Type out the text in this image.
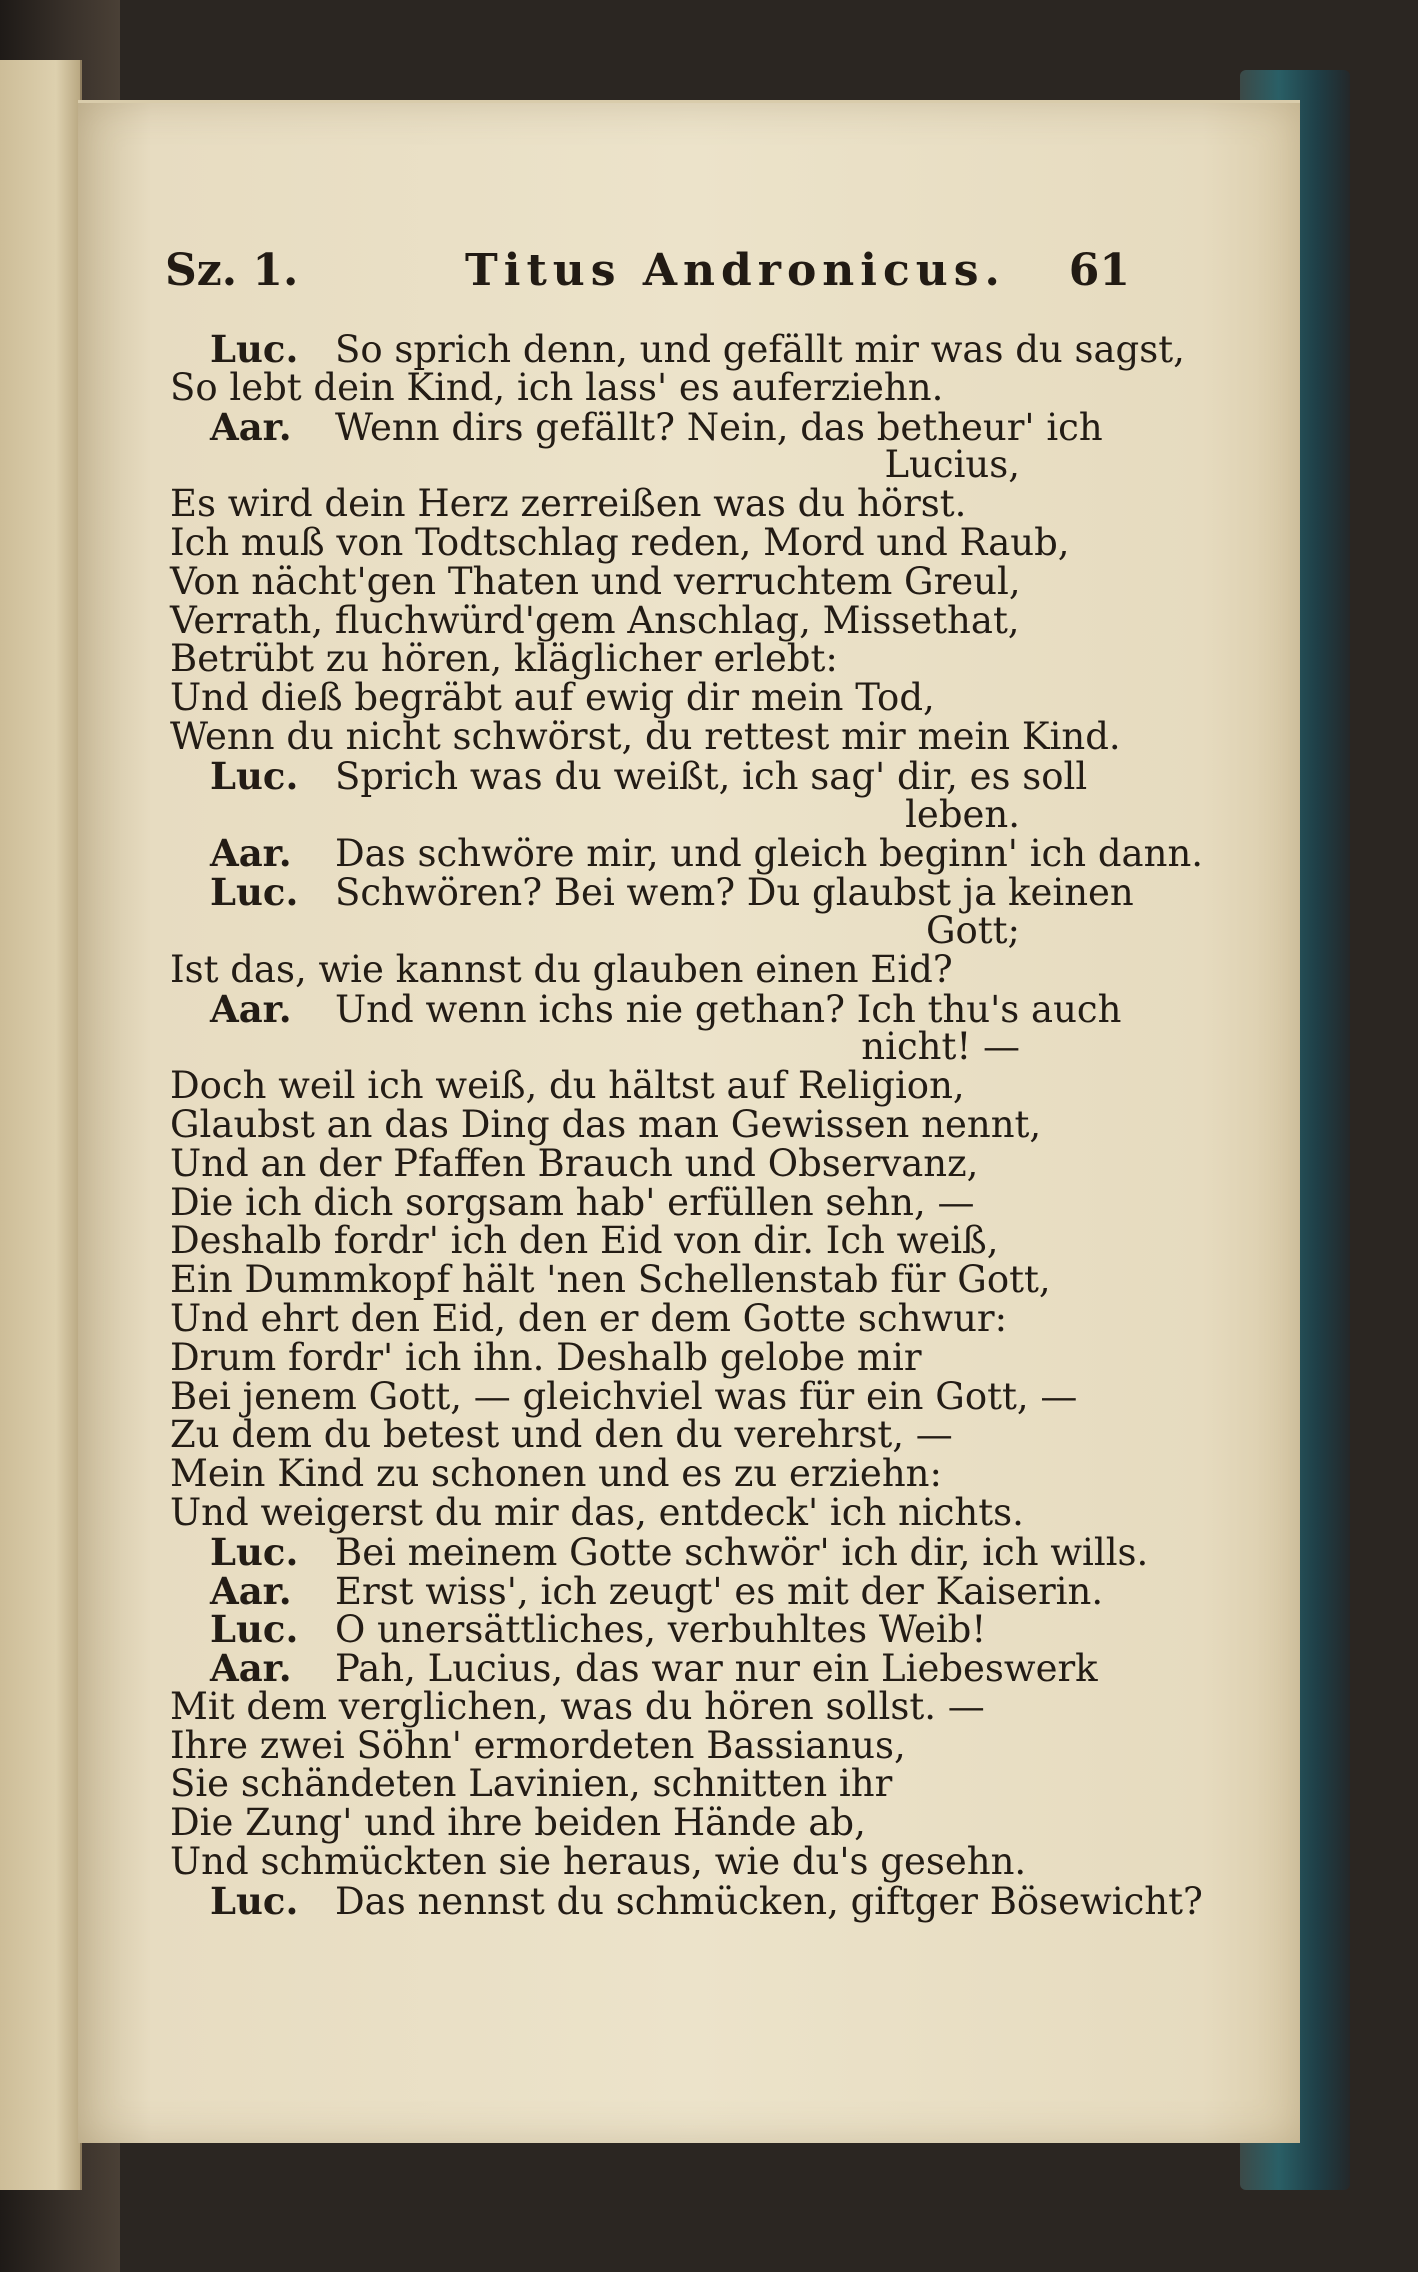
Sz. 1.	Titus Andronicus. 61
Luc. So sprich denn, und gefällt mir was du sagst,
So lebt dein Kind, ich lass' es auferziehn.
Aar. Wenn dirs gefällt? Nein, das betheur' ich
Lucius,
Es wird dein Herz zerreißen was du hörst.
Ich muß von Todtschlag reden, Mord und Raub,
Von nächt'gen Thaten und verruchtem Greul,
Verrath, fluchwürd'gem Anschlag, Missethat,
Betrübt zu hören, kläglicher erlebt:
Und dieß begräbt auf ewig dir mein Tod,
Wenn du nicht schwörst, du rettest mir mein Kind.
Luc. Sprich was du weißt, ich sag' dir, es soll
leben.
Aar. Das schwöre mir, und gleich beginn' ich dann.
Luc. Schwören? Bei wem? Du glaubst ja keinen
Gott;
Ist das, wie kannst du glauben einen Eid?
Aar. Und wenn ichs nie gethan? Ich thu's auch
nicht! —
Doch weil ich weiß, du hältst auf Religion,
Glaubst an das Ding das man Gewissen nennt,
Und an der Pfaffen Brauch und Observanz,
Die ich dich sorgsam hab' erfüllen sehn, —
Deshalb fordr' ich den Eid von dir. Ich weiß,
Ein Dummkopf hält 'nen Schellenstab für Gott,
Und ehrt den Eid, den er dem Gotte schwur:
Drum fordr' ich ihn. Deshalb gelobe mir
Bei jenem Gott, — gleichviel was für ein Gott, —
Zu dem du betest und den du verehrst, —
Mein Kind zu schonen und es zu erziehn:
Und weigerst du mir das, entdeck' ich nichts.
Luc. Bei meinem Gotte schwör' ich dir, ich wills.
Aar. Erst wiss', ich zeugt' es mit der Kaiserin.
Luc. O unersättliches, verbuhltes Weib!
Aar. Pah, Lucius, das war nur ein Liebeswerk
Mit dem verglichen, was du hören sollst. —
Ihre zwei Söhn' ermordeten Bassianus,
Sie schändeten Lavinien, schnitten ihr
Die Zung' und ihre beiden Hände ab,
Und schmückten sie heraus, wie du's gesehn.
Luc. Das nennst du schmücken, giftger Bösewicht?
